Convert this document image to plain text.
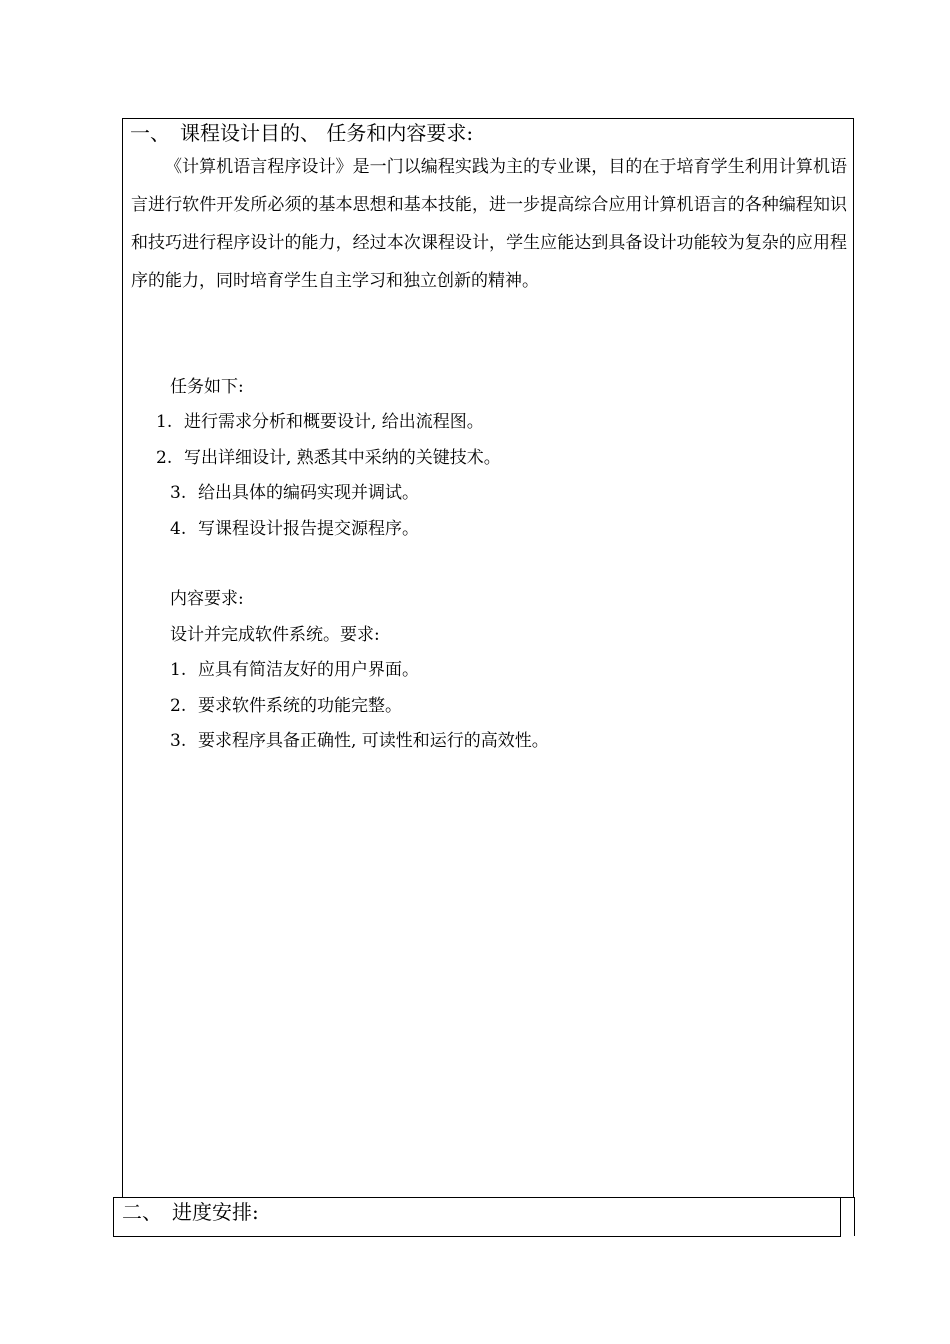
一、 课程设计目的、 任务和内容要求:

《计算机语言程序设计》是一门以编程实践为主的专业课，目的在于培育学生利用计算机语言进行软件开发所必须的基本思想和基本技能，进一步提高综合应用计算机语言的各种编程知识和技巧进行程序设计的能力，经过本次课程设计，学生应能达到具备设计功能较为复杂的应用程序的能力，同时培育学生自主学习和独立创新的精神。

任务如下:
1. 进行需求分析和概要设计, 给出流程图。
2. 写出详细设计, 熟悉其中采纳的关键技术。
3. 给出具体的编码实现并调试。
4. 写课程设计报告提交源程序。
内容要求:
设计并完成软件系统。要求:
1. 应具有简洁友好的用户界面。
2. 要求软件系统的功能完整。
3. 要求程序具备正确性, 可读性和运行的高效性。
二、 进度安排:
